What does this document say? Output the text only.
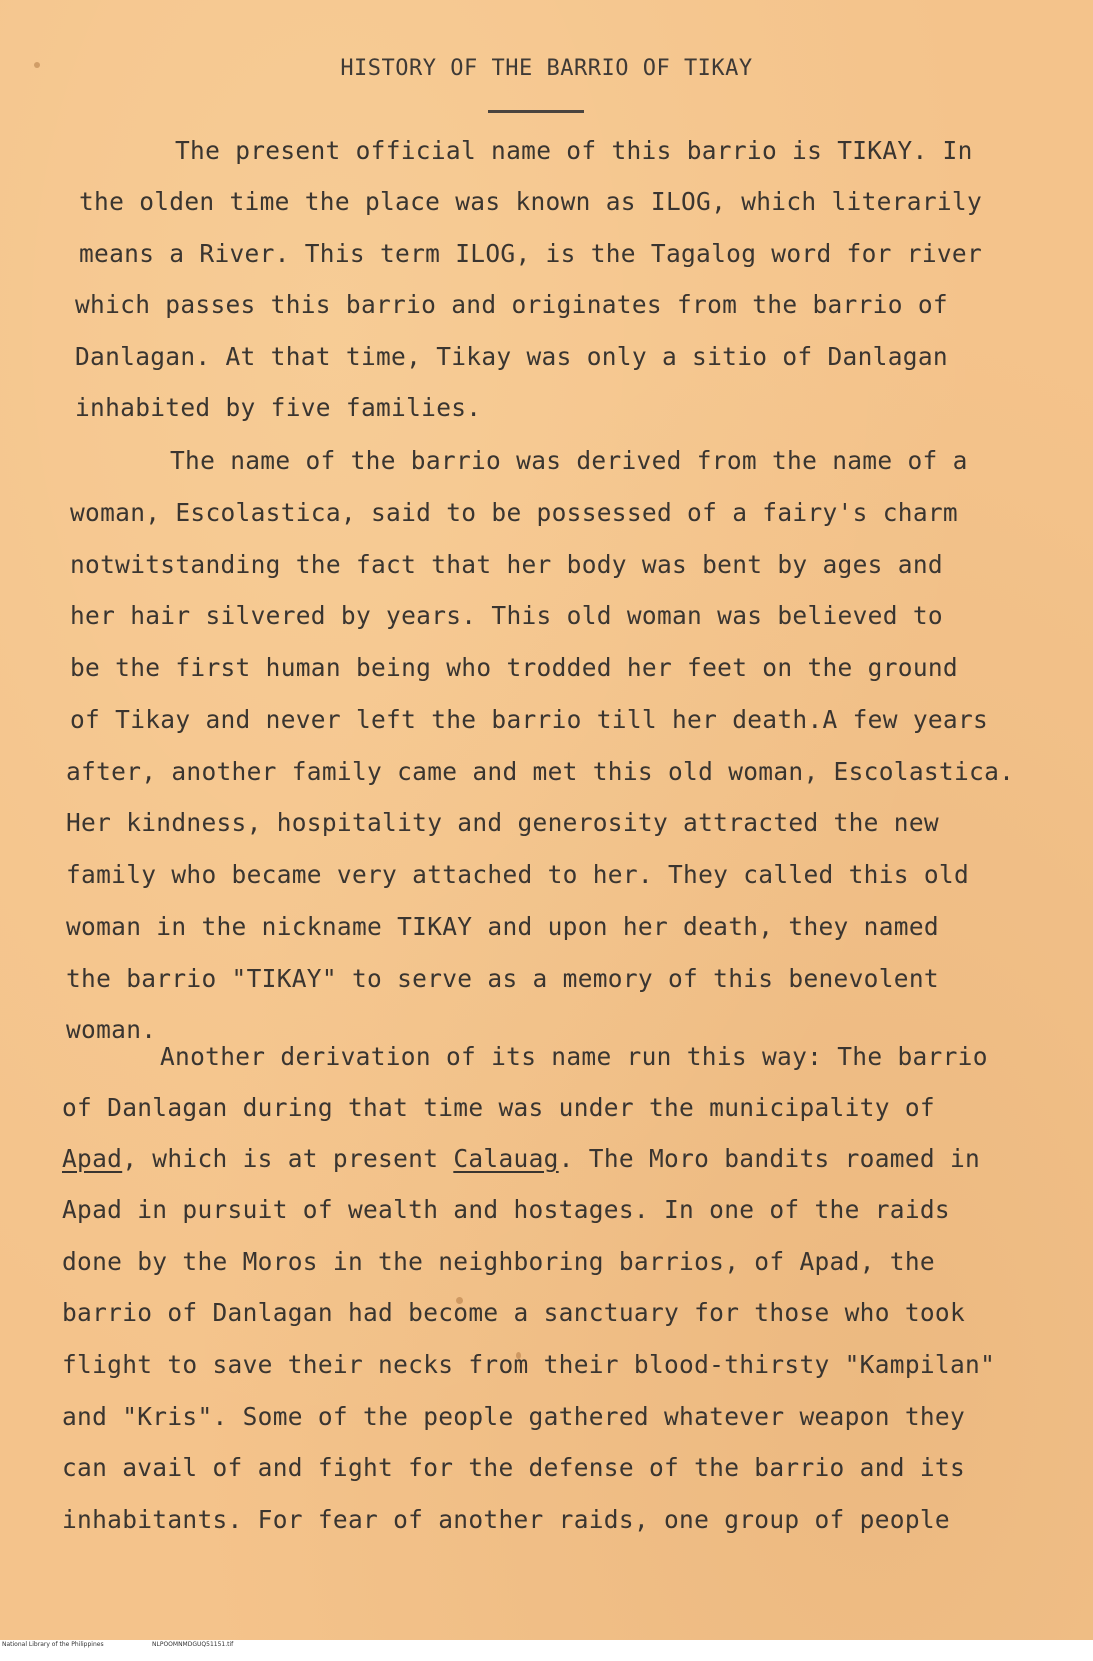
HISTORY OF THE BARRIO OF TIKAY
The present official name of this barrio is TIKAY. In
the olden time the place was known as ILOG, which literarily
means a River. This term ILOG, is the Tagalog word for river
which passes this barrio and originates from the barrio of
Danlagan. At that time, Tikay was only a sitio of Danlagan
inhabited by five families.
The name of the barrio was derived from the name of a
woman, Escolastica, said to be possessed of a fairy's charm
notwitstanding the fact that her body was bent by ages and
her hair silvered by years. This old woman was believed to
be the first human being who trodded her feet on the ground
of Tikay and never left the barrio till her death.A few years
after, another family came and met this old woman, Escolastica.
Her kindness, hospitality and generosity attracted the new
family who became very attached to her. They called this old
woman in the nickname TIKAY and upon her death, they named
the barrio "TIKAY" to serve as a memory of this benevolent
woman.
Another derivation of its name run this way: The barrio
of Danlagan during that time was under the municipality of
Apad, which is at present Calauag. The Moro bandits roamed in
Apad in pursuit of wealth and hostages. In one of the raids
done by the Moros in the neighboring barrios, of Apad, the
barrio of Danlagan had become a sanctuary for those who took
flight to save their necks from their blood-thirsty "Kampilan"
and "Kris". Some of the people gathered whatever weapon they
can avail of and fight for the defense of the barrio and its
inhabitants. For fear of another raids, one group of people

National Library of the Philippines

	NLPOOMNMDGUQ51151.tif
